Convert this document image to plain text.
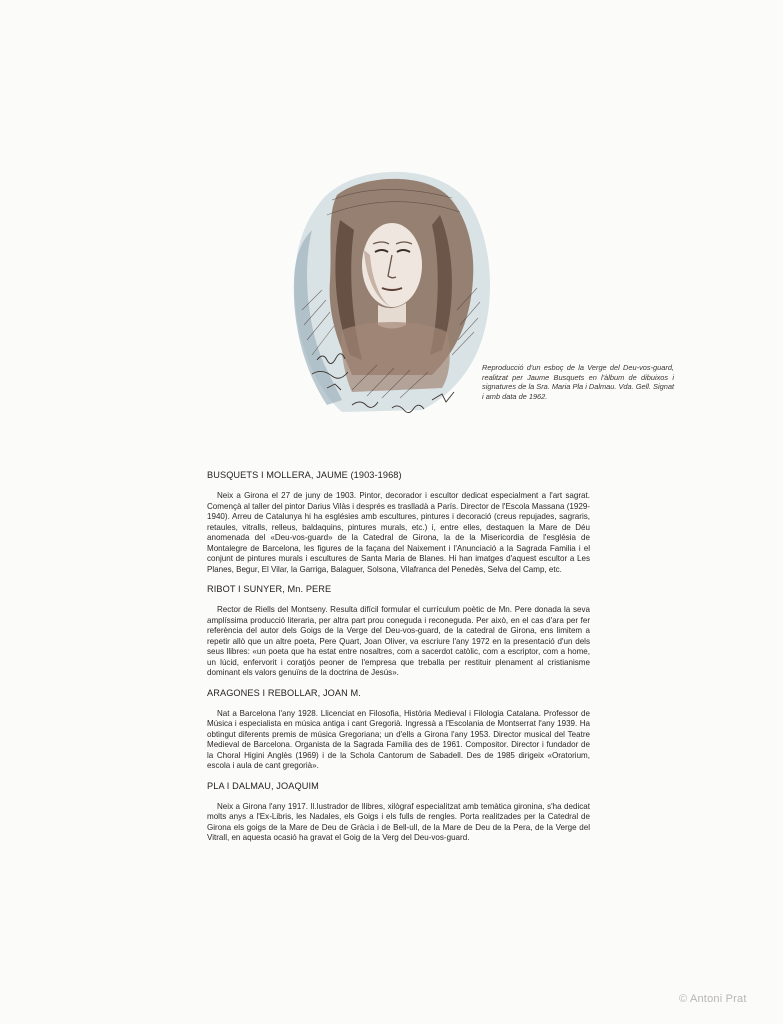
Reproducció d'un esboç de la Verge del Deu-vos-guard, realitzat per Jaume Busquets en l'àlbum de dibuixos i signatures de la Sra. Maria Pla i Dalmau. Vda. Gell. Signat i amb data de 1962.
BUSQUETS I MOLLERA, JAUME (1903-1968)

Neix a Girona el 27 de juny de 1903. Pintor, decorador i escultor dedicat especialment a l'art sagrat. Començà al taller del pintor Darius Vilàs i després es traslladà a París. Director de l'Escola Massana (1929-1940). Arreu de Catalunya hi ha esglésies amb escultures, pintures i decoració (creus repujades, sagraris, retaules, vitralls, relleus, baldaquins, pintures murals, etc.) i, entre elles, destaquen la Mare de Déu anomenada del «Deu-vos-guard» de la Catedral de Girona, la de la Misericordia de l'església de Montalegre de Barcelona, les figures de la façana del Naixement i l'Anunciació a la Sagrada Familia i el conjunt de pintures murals i escultures de Santa Maria de Blanes. Hi han imatges d'aquest escultor a Les Planes, Begur, El Vilar, la Garriga, Balaguer, Solsona, Vilafranca del Penedès, Selva del Camp, etc.

RIBOT I SUNYER, Mn. PERE

Rector de Riells del Montseny. Resulta difícil formular el currículum poètic de Mn. Pere donada la seva amplíssima producció literaria, per altra part prou coneguda i reconeguda. Per això, en el cas d'ara per fer referència del autor dels Goigs de la Verge del Deu-vos-guard, de la catedral de Girona, ens limitem a repetir allò que un altre poeta, Pere Quart, Joan Oliver, va escriure l'any 1972 en la presentació d'un dels seus llibres: «un poeta que ha estat entre nosaltres, com a sacerdot catòlic, com a escriptor, com a home, un lúcid, enfervorit i coratjós peoner de l'empresa que treballa per restituir plenament al cristianisme dominant els valors genuïns de la doctrina de Jesús».

ARAGONES I REBOLLAR, JOAN M.

Nat a Barcelona l'any 1928. Llicenciat en Filosofia, Història Medieval i Filologia Catalana. Professor de Música i especialista en música antiga i cant Gregorià. Ingressà a l'Escolania de Montserrat l'any 1939. Ha obtingut diferents premis de música Gregoriana; un d'ells a Girona l'any 1953. Director musical del Teatre Medieval de Barcelona. Organista de la Sagrada Familia des de 1961. Compositor. Director i fundador de la Choral Higini Anglès (1969) i de la Schola Cantorum de Sabadell. Des de 1985 dirigeix «Oratorium, escola i aula de cant gregorià».

PLA I DALMAU, JOAQUIM

Neix a Girona l'any 1917. Il.lustrador de llibres, xilògraf especialitzat amb temàtica gironina, s'ha dedicat molts anys a l'Ex-Libris, les Nadales, els Goigs i els fulls de rengles. Porta realitzades per la Catedral de Girona els goigs de la Mare de Deu de Gràcia i de Bell-ull, de la Mare de Deu de la Pera, de la Verge del Vitrall, en aquesta ocasió ha gravat el Goig de la Verg del Deu-vos-guard.

© Antoni Prat
